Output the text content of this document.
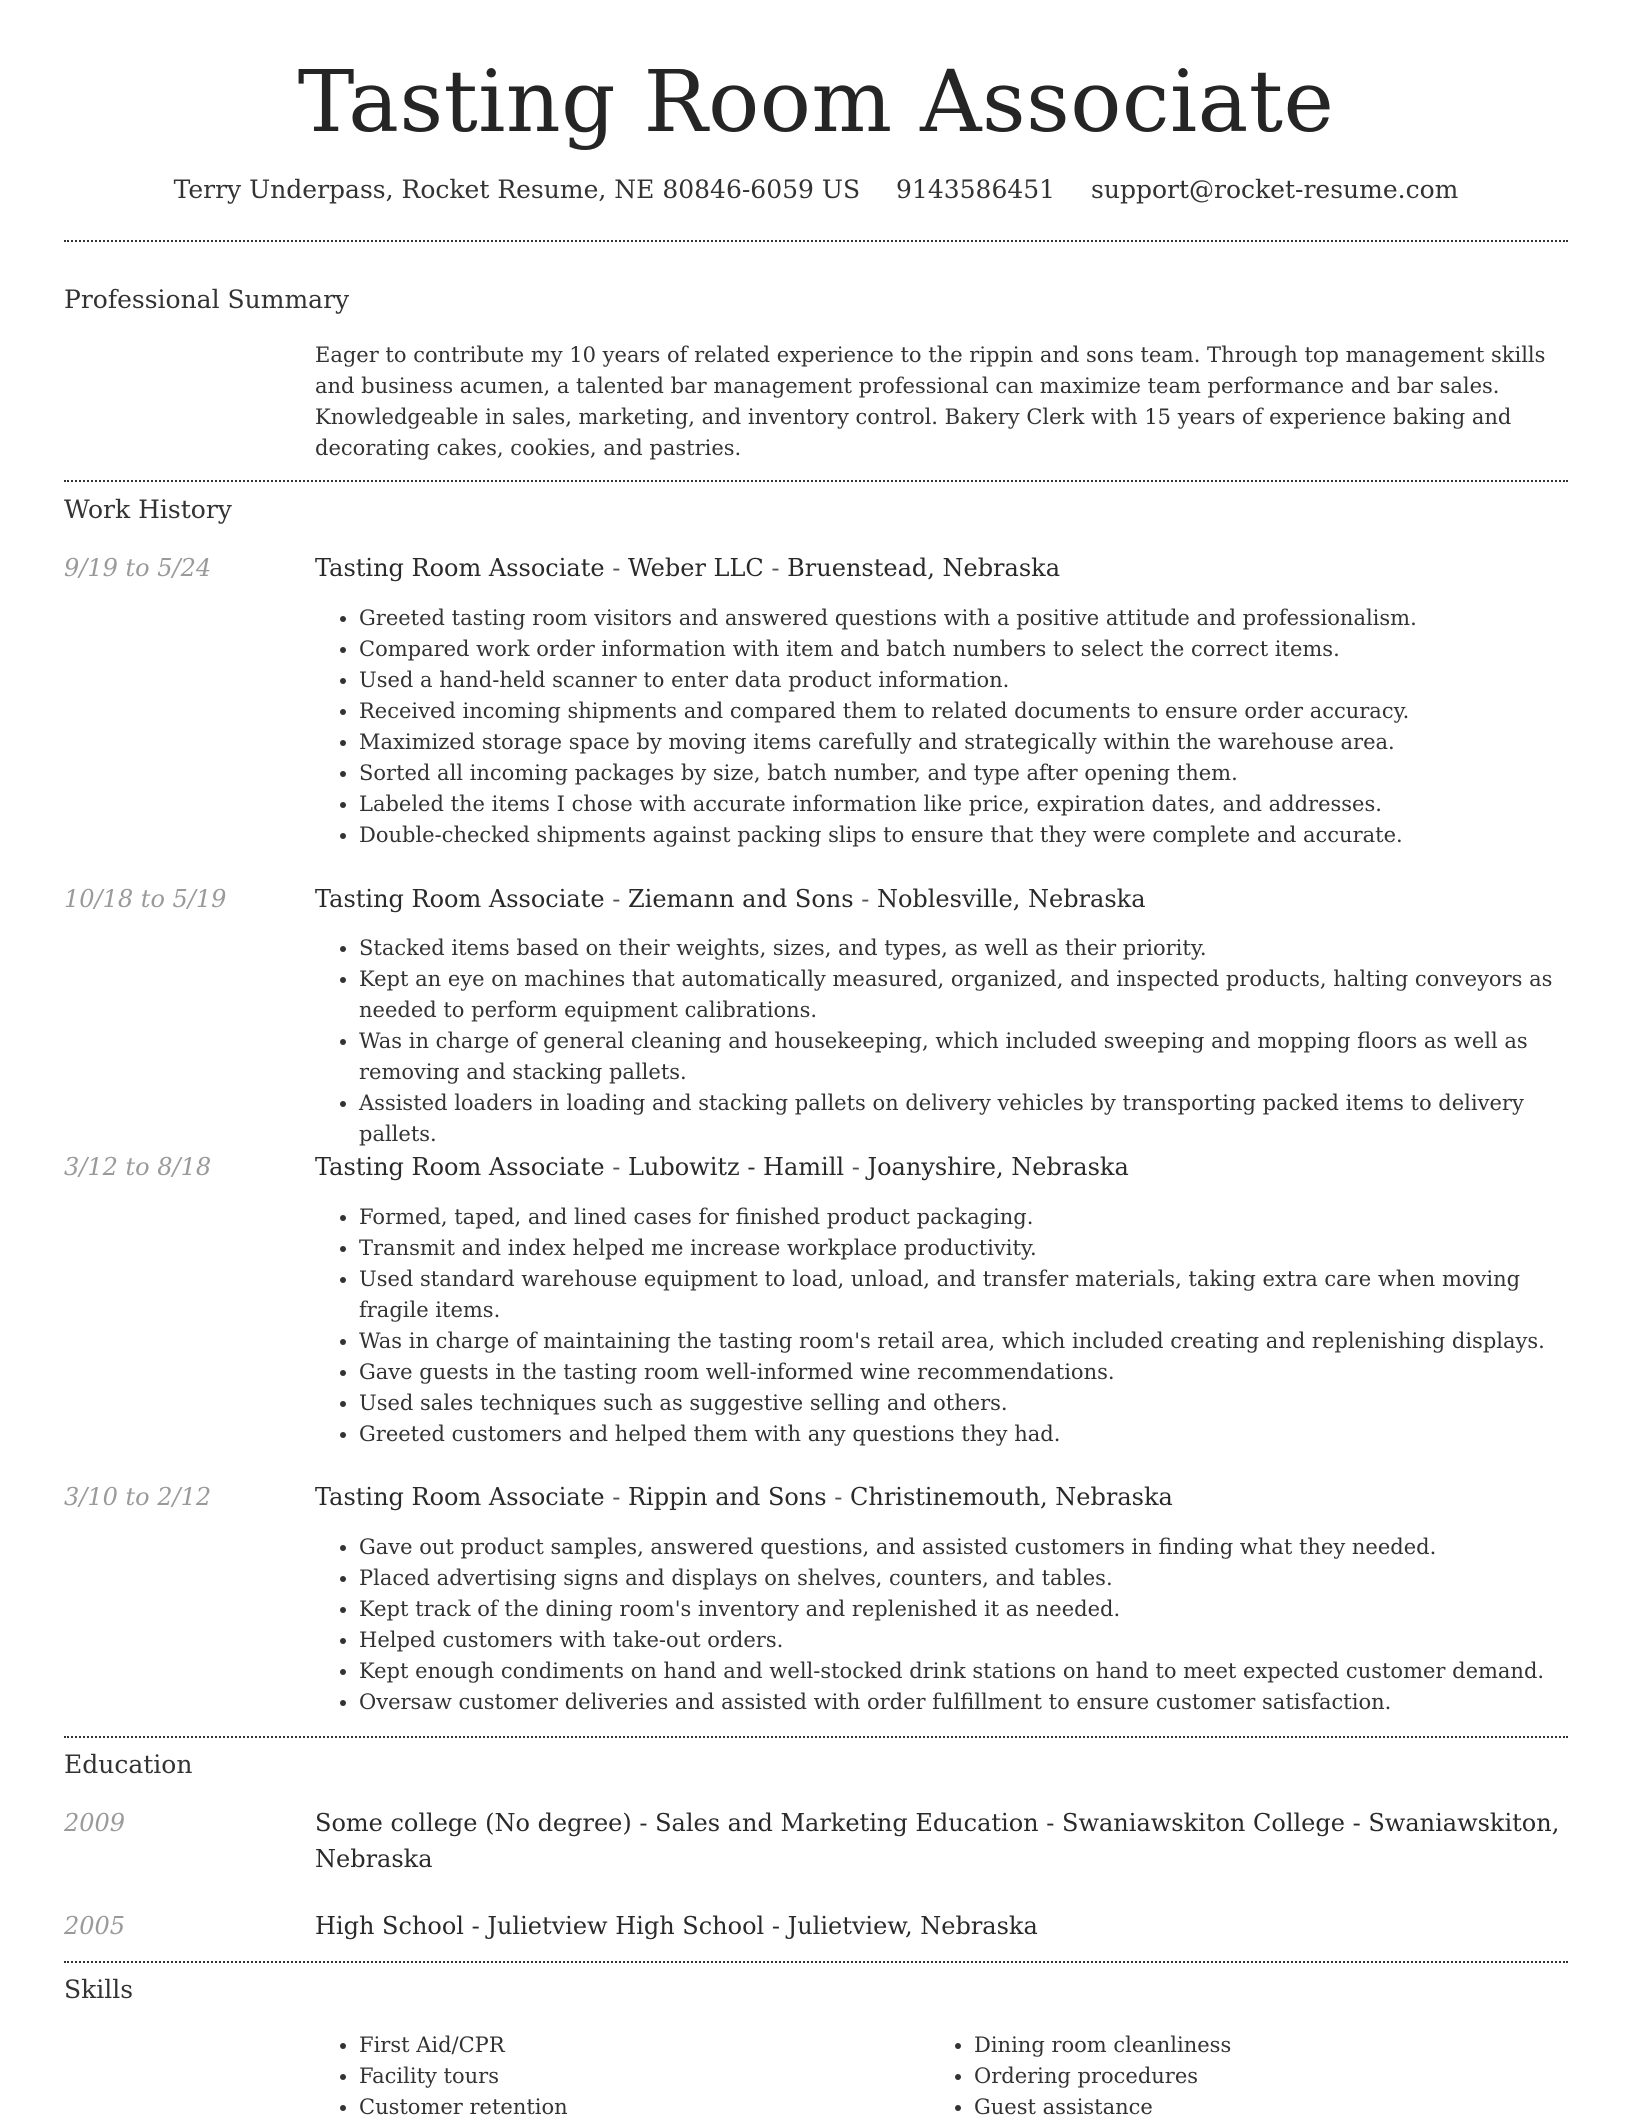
Tasting Room Associate
Terry Underpass, Rocket Resume, NE 80846-6059 US 9143586451 support@rocket-resume.com
Professional Summary

Eager to contribute my 10 years of related experience to the rippin and sons team. Through top management skills and business acumen, a talented bar management professional can maximize team performance and bar sales. Knowledgeable in sales, marketing, and inventory control. Bakery Clerk with 15 years of experience baking and decorating cakes, cookies, and pastries.

Work History
9/19 to 5/24	Tasting Room Associate - Weber LLC - Bruenstead, Nebraska
• Greeted tasting room visitors and answered questions with a positive attitude and professionalism.
• Compared work order information with item and batch numbers to select the correct items.
• Used a hand-held scanner to enter data product information.
• Received incoming shipments and compared them to related documents to ensure order accuracy.
• Maximized storage space by moving items carefully and strategically within the warehouse area.
• Sorted all incoming packages by size, batch number, and type after opening them.
• Labeled the items I chose with accurate information like price, expiration dates, and addresses.
• Double-checked shipments against packing slips to ensure that they were complete and accurate.
10/18 to 5/19	Tasting Room Associate - Ziemann and Sons - Noblesville, Nebraska
• Stacked items based on their weights, sizes, and types, as well as their priority.
• Kept an eye on machines that automatically measured, organized, and inspected products, halting conveyors as needed to perform equipment calibrations.
• Was in charge of general cleaning and housekeeping, which included sweeping and mopping floors as well as removing and stacking pallets.
• Assisted loaders in loading and stacking pallets on delivery vehicles by transporting packed items to delivery pallets.
3/12 to 8/18	Tasting Room Associate - Lubowitz - Hamill - Joanyshire, Nebraska
• Formed, taped, and lined cases for finished product packaging.
• Transmit and index helped me increase workplace productivity.
• Used standard warehouse equipment to load, unload, and transfer materials, taking extra care when moving fragile items.
• Was in charge of maintaining the tasting room's retail area, which included creating and replenishing displays.
• Gave guests in the tasting room well-informed wine recommendations.
• Used sales techniques such as suggestive selling and others.
• Greeted customers and helped them with any questions they had.
3/10 to 2/12	Tasting Room Associate - Rippin and Sons - Christinemouth, Nebraska
• Gave out product samples, answered questions, and assisted customers in finding what they needed.
• Placed advertising signs and displays on shelves, counters, and tables.
• Kept track of the dining room's inventory and replenished it as needed.
• Helped customers with take-out orders.
• Kept enough condiments on hand and well-stocked drink stations on hand to meet expected customer demand.
• Oversaw customer deliveries and assisted with order fulfillment to ensure customer satisfaction.
Education
2009	Some college (No degree) - Sales and Marketing Education - Swaniawskiton College - Swaniawskiton, Nebraska
2005	High School - Julietview High School - Julietview, Nebraska
Skills
• First Aid/CPR
• Facility tours
• Customer retention
• Dining room cleanliness
• Ordering procedures
• Guest assistance
